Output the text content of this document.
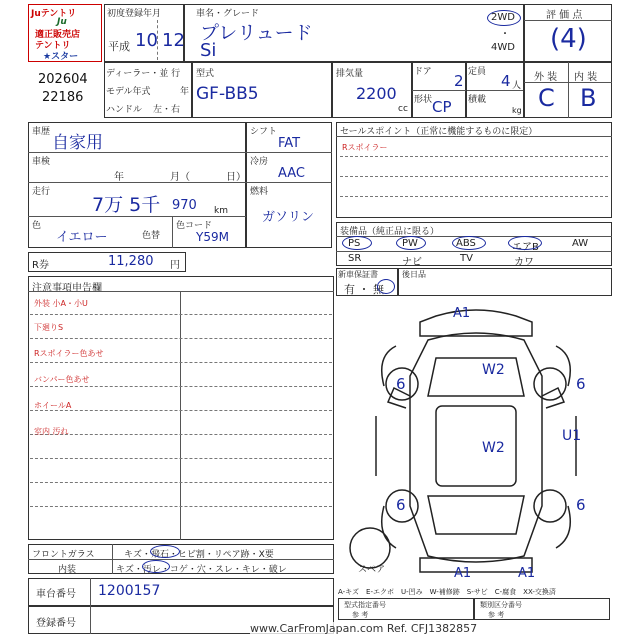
Juテントリ
Ju
適正販売店
テントリ
★スター
202604
22186
初度登録年月
平成 10 12
車名・グレード
プレリュード
Si
2WD
・
4WD
評 価 点
(4)
ディーラー・並 行
モデル年式	年
ハンドル 左・右
型式
GF-BB5
排気量
2200
cc
ドア 2
形状 CP
定員 4 人
積載
kg
外 装 内 装
C B
車歴
自家用
車検
年	月（	日）
走行
7万 5千 970 km
色
イエロー	色替
色コード
Y59M
シフト
FAT
冷房
AAC
燃料
ガソリン
R券	11,280 円
セールスポイント（正常に機能するものに限定）
Rスポイラー
装備品（純正品に限る）
PS	PW	ABS	エアB	AW
SR	ナビ	TV	カワ
新車保証書
有 ・ 無
後日品
注意事項申告欄
外装 小A・小U
下廻りS
Rスポイラー色あせ
バンパー色あせ
ホイールA
室内 汚れ
フロントガラス	キズ・飛石・ヒビ割・リペア跡・X要
内装	キズ・汚レ・コゲ・穴・スレ・キレ・破レ
車台番号 1200157
登録番号
A1
W2
W2
6	6
6	6
U1
A1	A1
スペア
A-キズ　E-エクボ　U-凹み　W-補修跡　S-サビ　C-腐食　XX-交換済
型式指定番号
参 考
類別区分番号
参 考
www.CarFromJapan.com Ref. CFJ1382857
